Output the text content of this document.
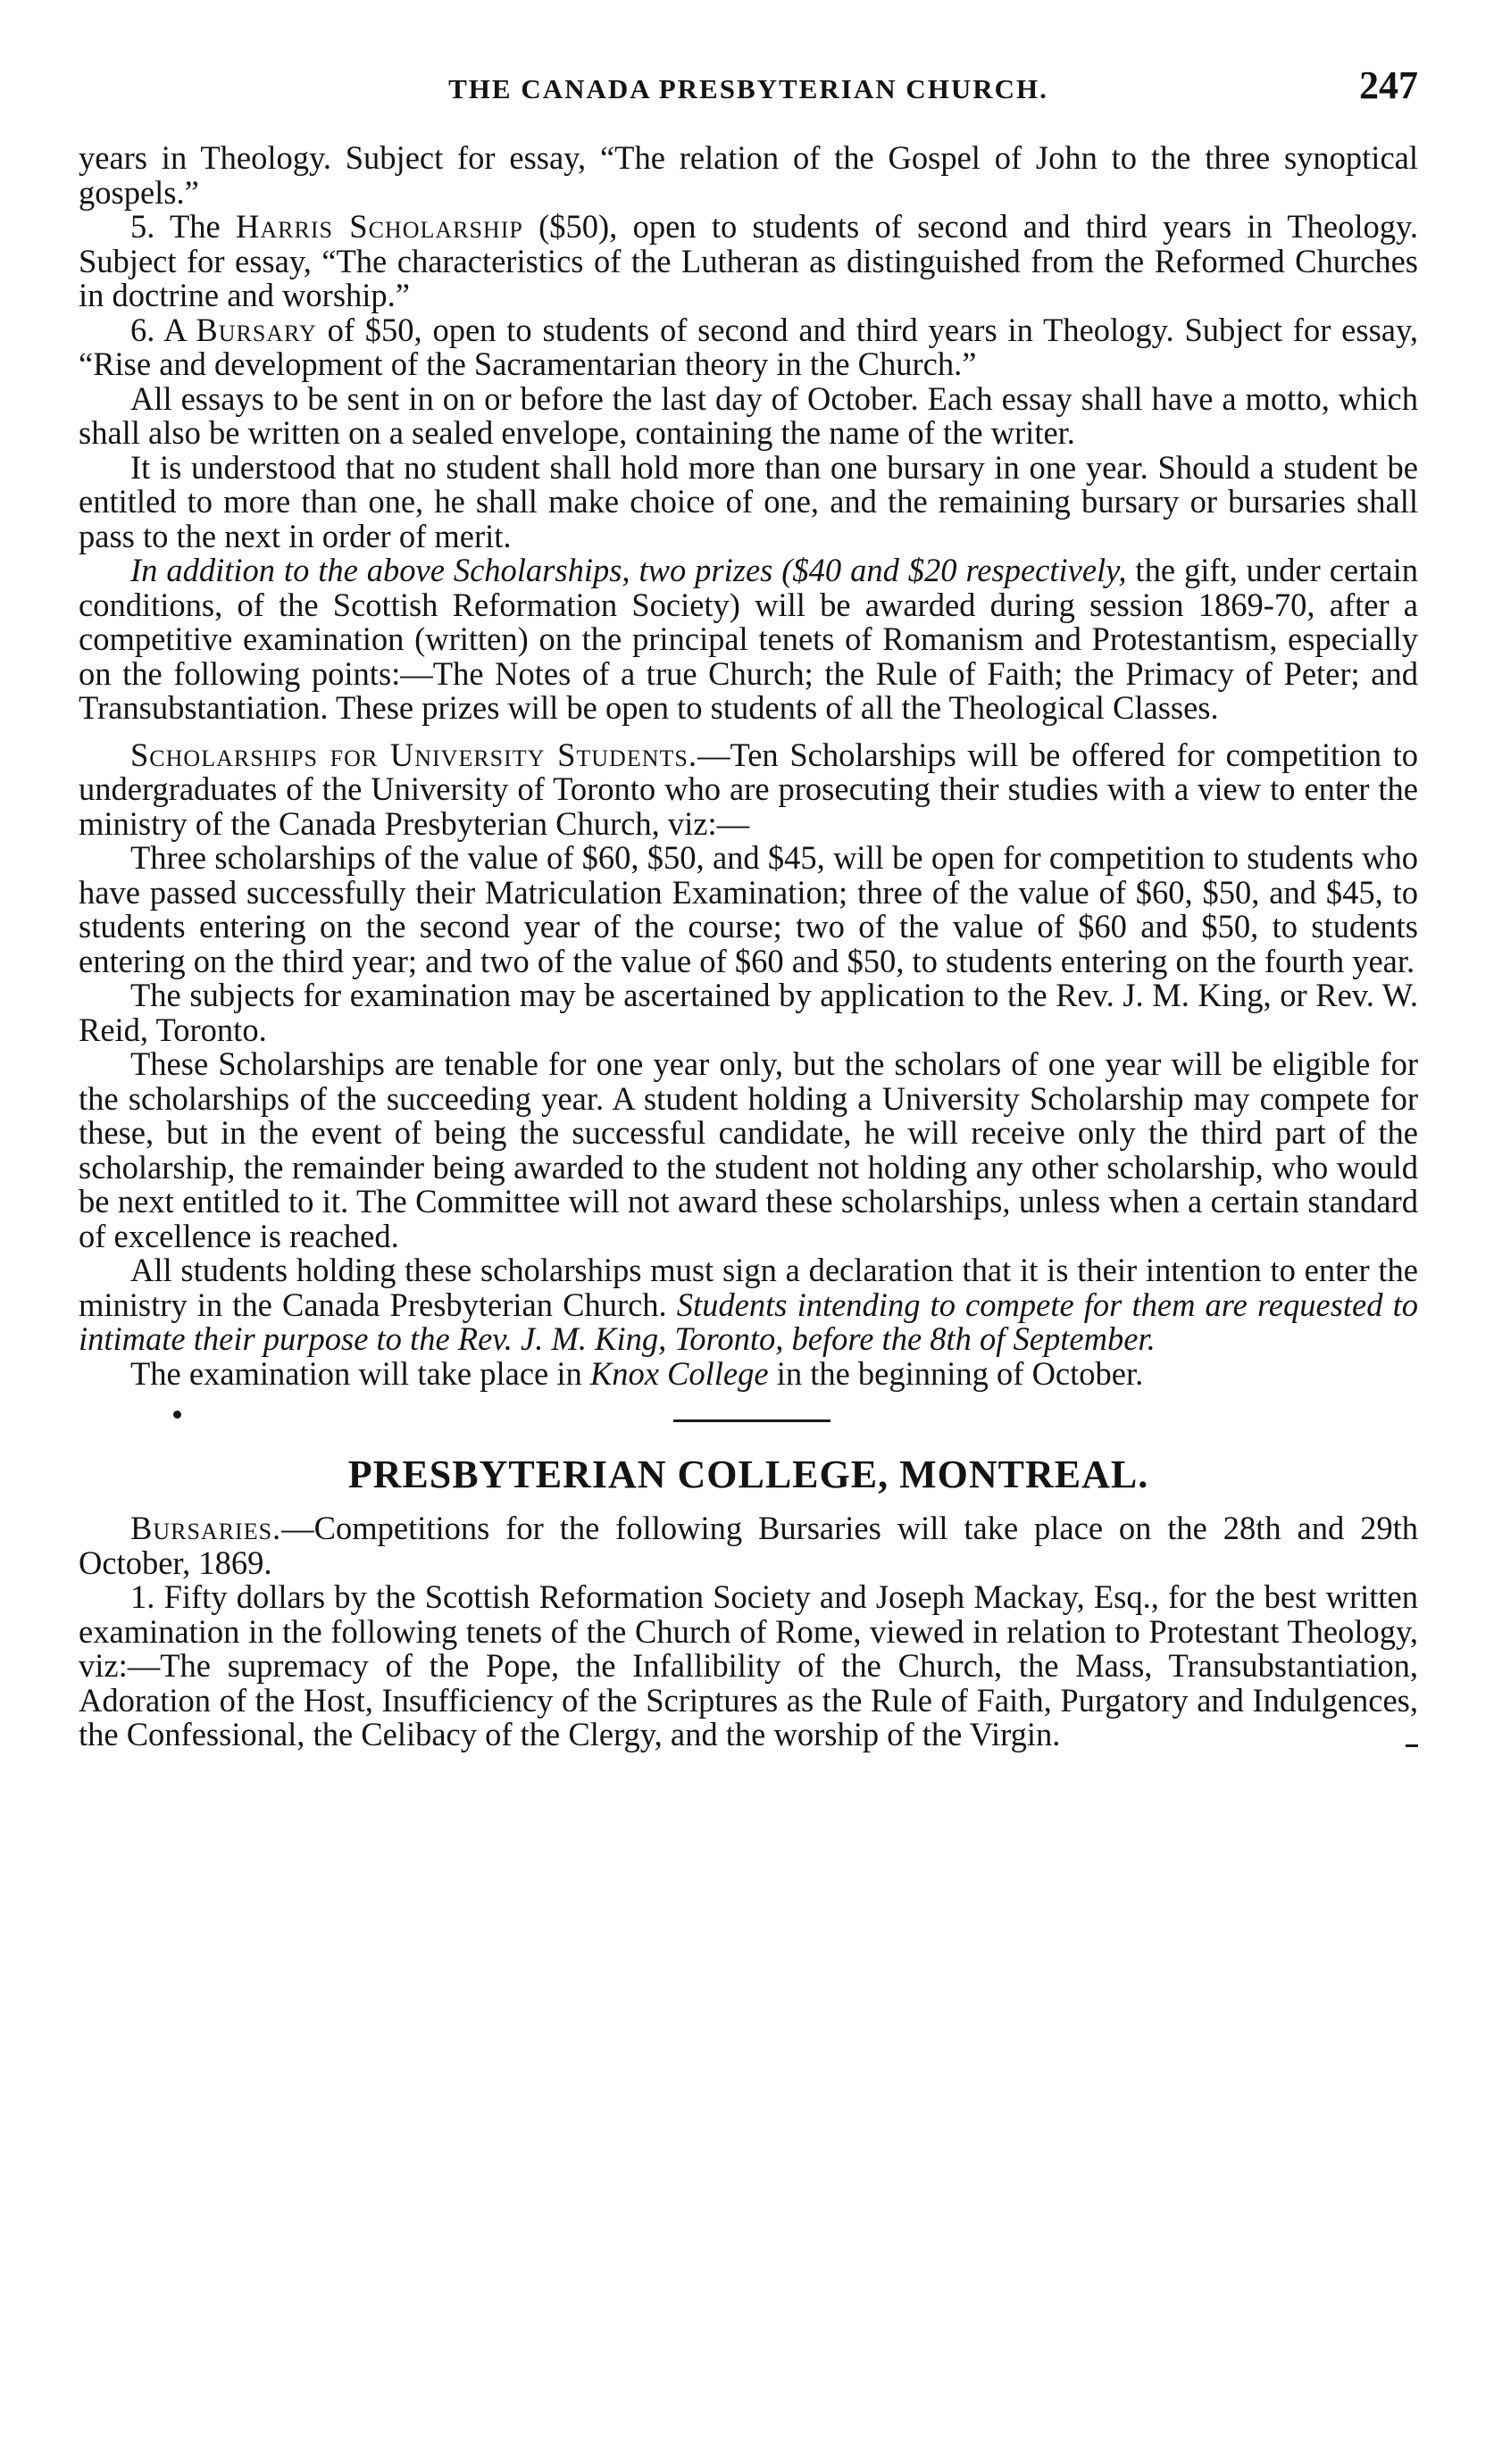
THE CANADA PRESBYTERIAN CHURCH.	247

years in Theology. Subject for essay, “The relation of the Gospel of John to the three synoptical gospels.”

5. The Harris Scholarship ($50), open to students of second and third years in Theology. Subject for essay, “The characteristics of the Lutheran as distinguished from the Reformed Churches in doctrine and worship.”

6. A Bursary of $50, open to students of second and third years in Theology. Subject for essay, “Rise and development of the Sacramentarian theory in the Church.”

All essays to be sent in on or before the last day of October. Each essay shall have a motto, which shall also be written on a sealed envelope, containing the name of the writer.

It is understood that no student shall hold more than one bursary in one year. Should a student be entitled to more than one, he shall make choice of one, and the remaining bursary or bursaries shall pass to the next in order of merit.

In addition to the above Scholarships, two prizes ($40 and $20 respectively, the gift, under certain conditions, of the Scottish Reformation Society) will be awarded during session 1869-70, after a competitive examination (written) on the principal tenets of Romanism and Protestantism, especially on the following points:—The Notes of a true Church; the Rule of Faith; the Primacy of Peter; and Transubstantiation. These prizes will be open to students of all the Theological Classes.

Scholarships for University Students.—Ten Scholarships will be offered for competition to undergraduates of the University of Toronto who are prosecuting their studies with a view to enter the ministry of the Canada Presbyterian Church, viz:—

Three scholarships of the value of $60, $50, and $45, will be open for competition to students who have passed successfully their Matriculation Examination; three of the value of $60, $50, and $45, to students entering on the second year of the course; two of the value of $60 and $50, to students entering on the third year; and two of the value of $60 and $50, to students entering on the fourth year.

The subjects for examination may be ascertained by application to the Rev. J. M. King, or Rev. W. Reid, Toronto.

These Scholarships are tenable for one year only, but the scholars of one year will be eligible for the scholarships of the succeeding year. A student holding a University Scholarship may compete for these, but in the event of being the successful candidate, he will receive only the third part of the scholarship, the remainder being awarded to the student not holding any other scholarship, who would be next entitled to it. The Committee will not award these scholarships, unless when a certain standard of excellence is reached.

All students holding these scholarships must sign a declaration that it is their intention to enter the ministry in the Canada Presbyterian Church. Students intending to compete for them are requested to intimate their purpose to the Rev. J. M. King, Toronto, before the 8th of September.

The examination will take place in Knox College in the beginning of October.

PRESBYTERIAN COLLEGE, MONTREAL.

Bursaries.—Competitions for the following Bursaries will take place on the 28th and 29th October, 1869.

1. Fifty dollars by the Scottish Reformation Society and Joseph Mackay, Esq., for the best written examination in the following tenets of the Church of Rome, viewed in relation to Protestant Theology, viz:—The supremacy of the Pope, the Infallibility of the Church, the Mass, Transubstantiation, Adoration of the Host, Insufficiency of the Scriptures as the Rule of Faith, Purgatory and Indulgences, the Confessional, the Celibacy of the Clergy, and the worship of the Virgin.
